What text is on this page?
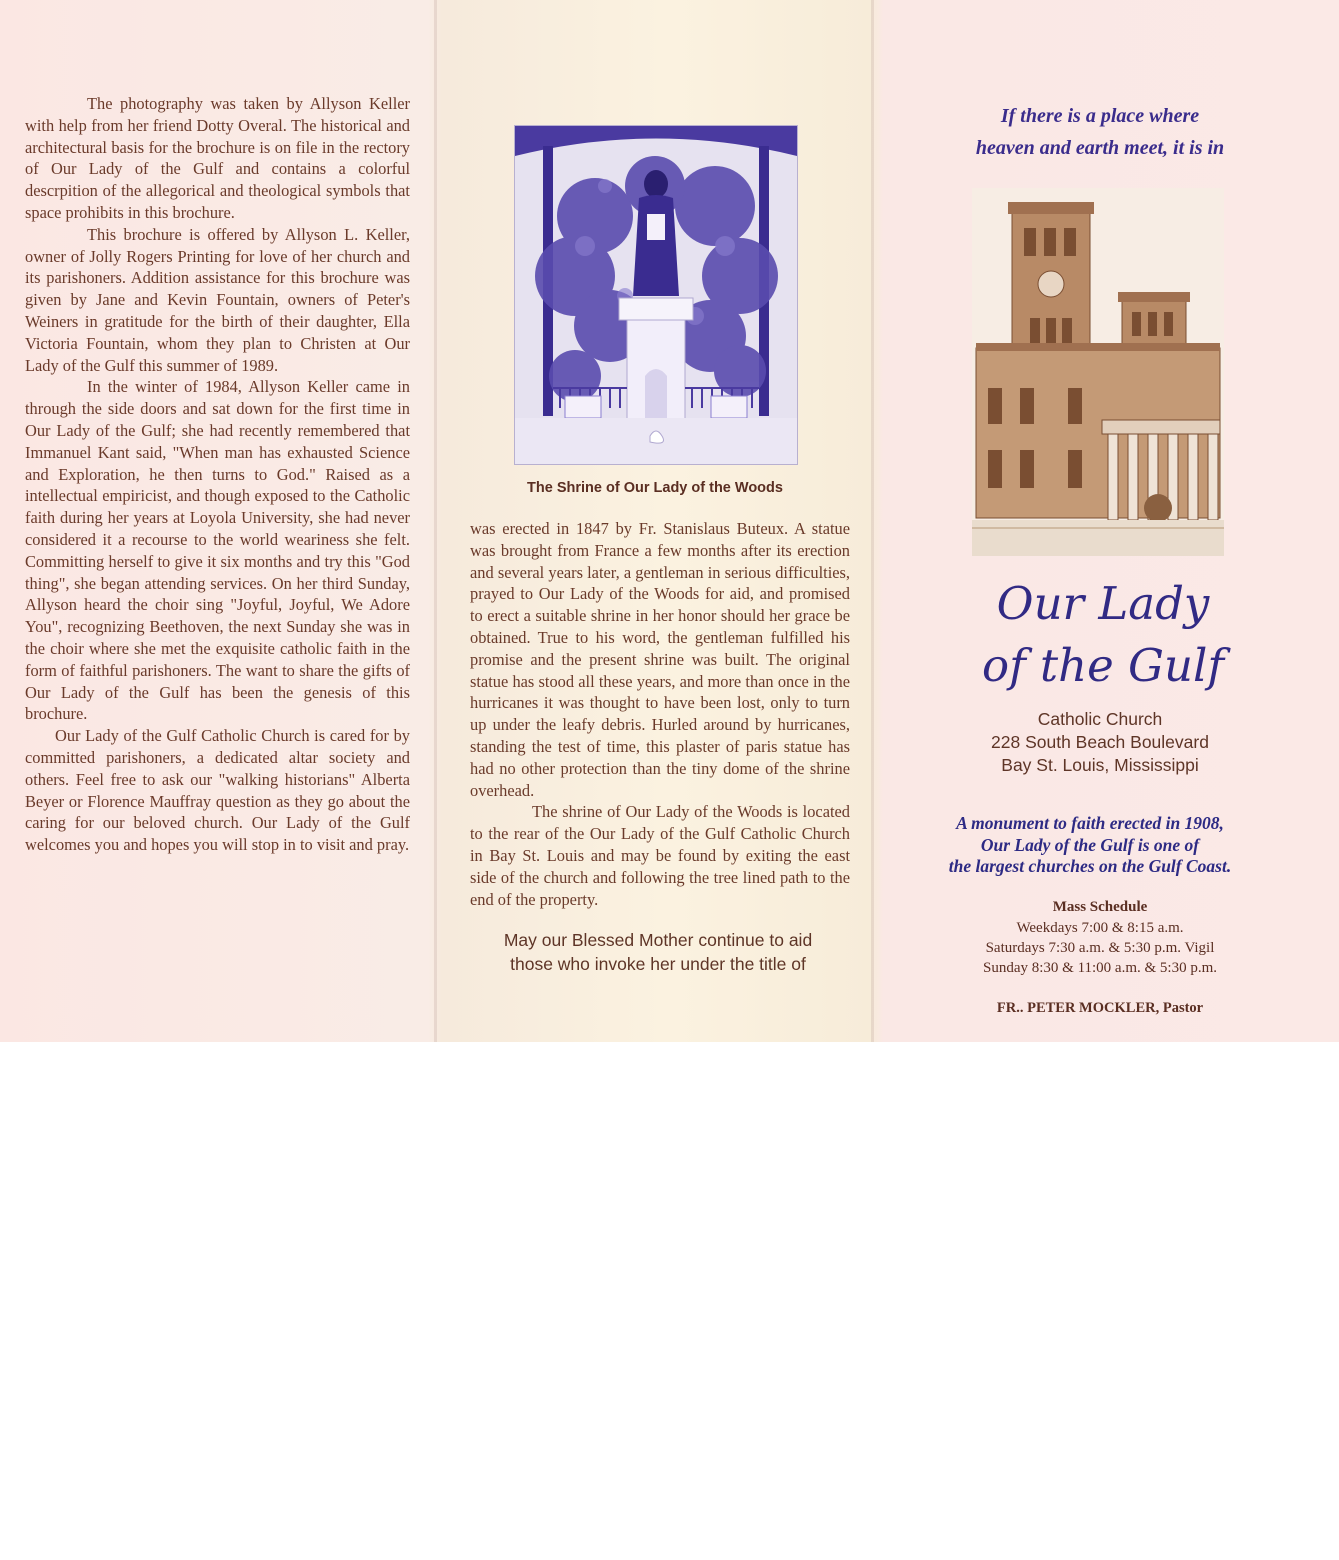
The photography was taken by Allyson Keller with help from her friend Dotty Overal. The historical and architectural basis for the brochure is on file in the rectory of Our Lady of the Gulf and contains a colorful descrpition of the allegorical and theological symbols that space prohibits in this brochure.

This brochure is offered by Allyson L. Keller, owner of Jolly Rogers Printing for love of her church and its parishoners. Addition assistance for this brochure was given by Jane and Kevin Fountain, owners of Peter's Weiners in gratitude for the birth of their daughter, Ella Victoria Fountain, whom they plan to Christen at Our Lady of the Gulf this summer of 1989.

In the winter of 1984, Allyson Keller came in through the side doors and sat down for the first time in Our Lady of the Gulf; she had recently remembered that Immanuel Kant said, "When man has exhausted Science and Exploration, he then turns to God." Raised as a intellectual empiricist, and though exposed to the Catholic faith during her years at Loyola University, she had never considered it a recourse to the world weariness she felt. Committing herself to give it six months and try this "God thing", she began attending services. On her third Sunday, Allyson heard the choir sing "Joyful, Joyful, We Adore You", recognizing Beethoven, the next Sunday she was in the choir where she met the exquisite catholic faith in the form of faithful parishoners. The want to share the gifts of Our Lady of the Gulf has been the genesis of this brochure.

Our Lady of the Gulf Catholic Church is cared for by committed parishoners, a dedicated altar society and others. Feel free to ask our "walking historians" Alberta Beyer or Florence Mauffray question as they go about the caring for our beloved church. Our Lady of the Gulf welcomes you and hopes you will stop in to visit and pray.

The Shrine of Our Lady of the Woods

was erected in 1847 by Fr. Stanislaus Buteux. A statue was brought from France a few months after its erection and several years later, a gentleman in serious difficulties, prayed to Our Lady of the Woods for aid, and promised to erect a suitable shrine in her honor should her grace be obtained. True to his word, the gentleman fulfilled his promise and the present shrine was built. The original statue has stood all these years, and more than once in the hurricanes it was thought to have been lost, only to turn up under the leafy debris. Hurled around by hurricanes, standing the test of time, this plaster of paris statue has had no other protection than the tiny dome of the shrine overhead.

The shrine of Our Lady of the Woods is located to the rear of the Our Lady of the Gulf Catholic Church in Bay St. Louis and may be found by exiting the east side of the church and following the tree lined path to the end of the property.

May our Blessed Mother continue to aid
those who invoke her under the title of
If there is a place where
heaven and earth meet, it is in
Our Lady
of the Gulf
Catholic Church
228 South Beach Boulevard
Bay St. Louis, Mississippi
A monument to faith erected in 1908,
Our Lady of the Gulf is one of
the largest churches on the Gulf Coast.
Mass Schedule
Weekdays 7:00 & 8:15 a.m.
Saturdays 7:30 a.m. & 5:30 p.m. Vigil
Sunday 8:30 & 11:00 a.m. & 5:30 p.m.
FR.. PETER MOCKLER, Pastor
